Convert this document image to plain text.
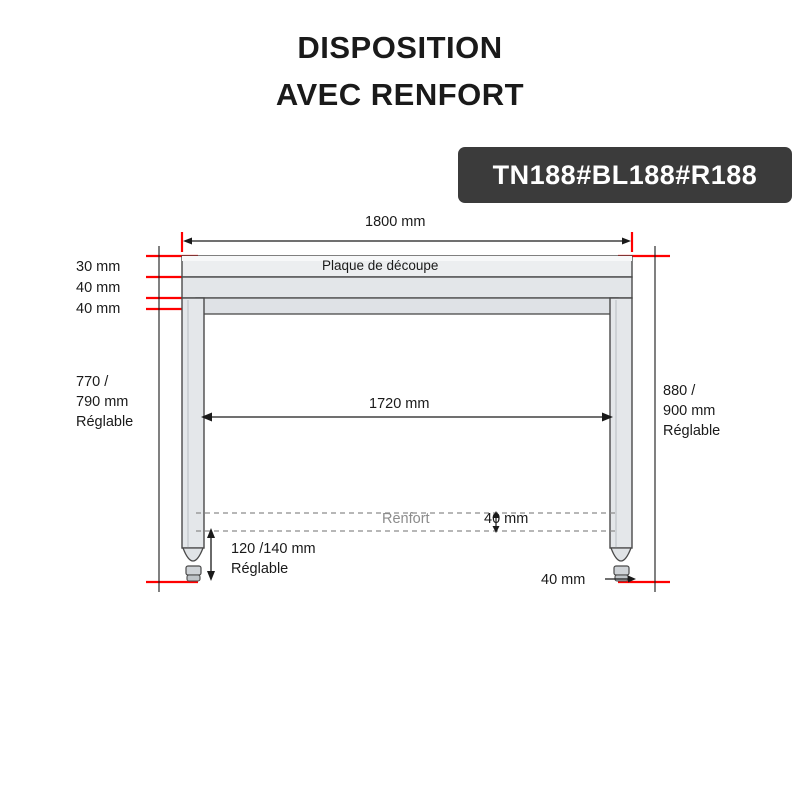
DISPOSITION
AVEC RENFORT
TN188#BL188#R188
1800 mm
Plaque de découpe
30 mm
40 mm
40 mm
770 /
790 mm
Réglable
880 /
900 mm
Réglable
1720 mm
Renfort	40 mm
120 /140 mm
Réglable
40 mm
